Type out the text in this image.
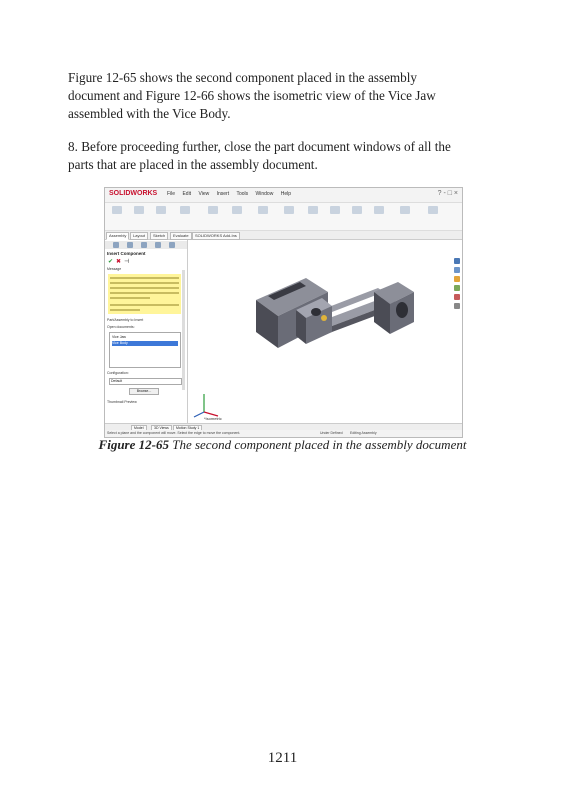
Figure 12-65 shows the second component placed in the assembly
document and Figure 12-66 shows the isometric view of the Vice Jaw
assembled with the Vice Body.
8. Before proceeding further, close the part document windows of all the
parts that are placed in the assembly document.
SOLIDWORKS File Edit View Insert Tools Window Help	? - □ ×
Assembly	Layout	Sketch	Evaluate	SOLIDWORKS Add-Ins
Insert Component
✔ ✖ ⊣
Message
Part/Assembly to Insert
Open documents:
Vice Jaw
Vice Body
Configuration:
Default
Browse...
Thumbnail Preview
*Isometric
Model	3D Views	Motion Study 1
Select a plane and the component will move. Select the edge to move the component.	Under Defined Editing Assembly
Figure 12-65 The second component placed in the assembly document
1211
